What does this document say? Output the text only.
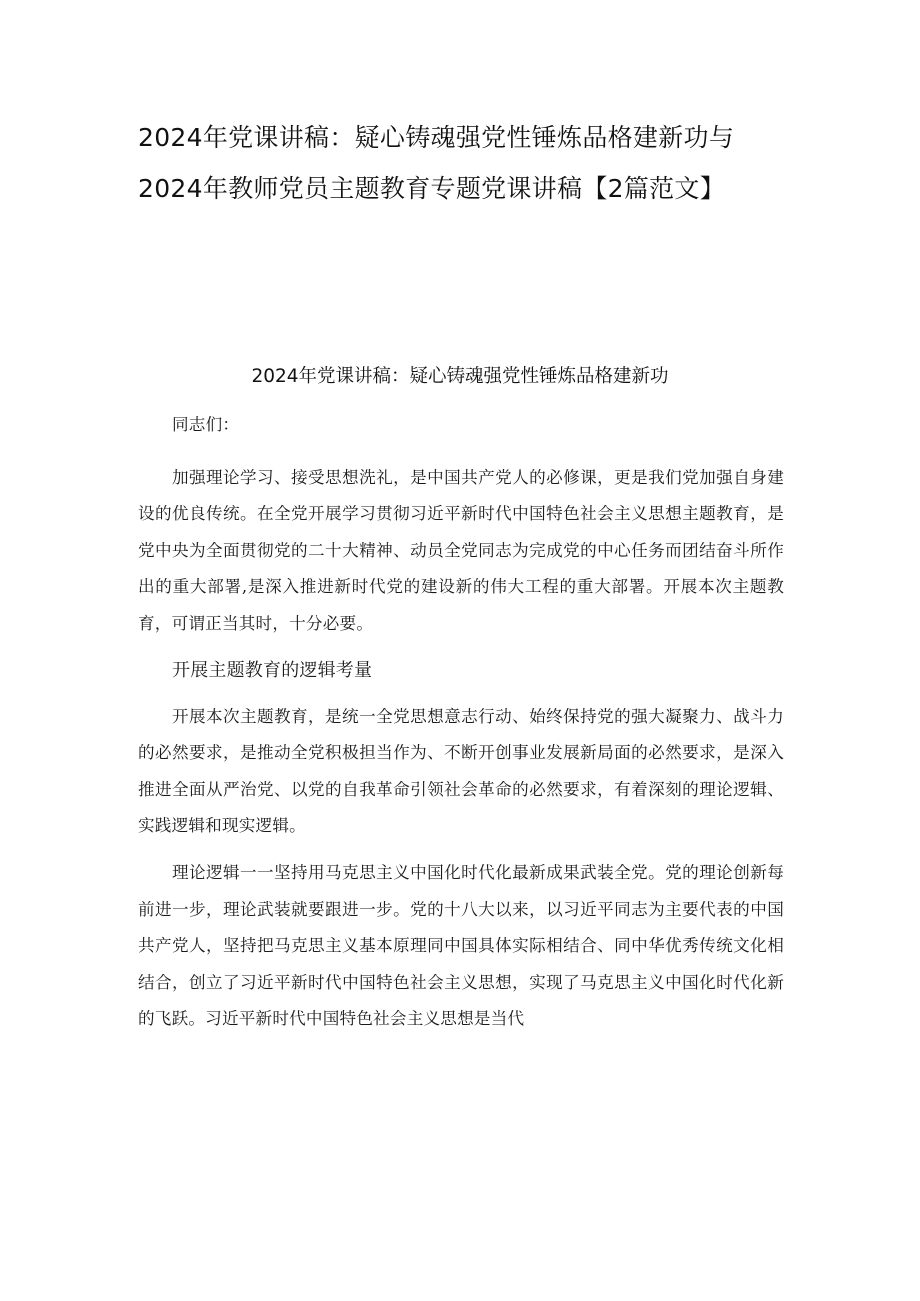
2024年党课讲稿：疑心铸魂强党性锤炼品格建新功与
2024年教师党员主题教育专题党课讲稿【2篇范文】
2024年党课讲稿：疑心铸魂强党性锤炼品格建新功

同志们：

加强理论学习、接受思想洗礼，是中国共产党人的必修课，更是我们党加强自身建设的优良传统。在全党开展学习贯彻习近平新时代中国特色社会主义思想主题教育，是党中央为全面贯彻党的二十大精神、动员全党同志为完成党的中心任务而团结奋斗所作出的重大部署,是深入推进新时代党的建设新的伟大工程的重大部署。开展本次主题教育，可谓正当其时，十分必要。

开展主题教育的逻辑考量

开展本次主题教育，是统一全党思想意志行动、始终保持党的强大凝聚力、战斗力的必然要求，是推动全党积极担当作为、不断开创事业发展新局面的必然要求，是深入推进全面从严治党、以党的自我革命引领社会革命的必然要求，有着深刻的理论逻辑、实践逻辑和现实逻辑。

理论逻辑一一坚持用马克思主义中国化时代化最新成果武装全党。党的理论创新每前进一步，理论武装就要跟进一步。党的十八大以来，以习近平同志为主要代表的中国共产党人，坚持把马克思主义基本原理同中国具体实际相结合、同中华优秀传统文化相结合，创立了习近平新时代中国特色社会主义思想，实现了马克思主义中国化时代化新的飞跃。习近平新时代中国特色社会主义思想是当代
